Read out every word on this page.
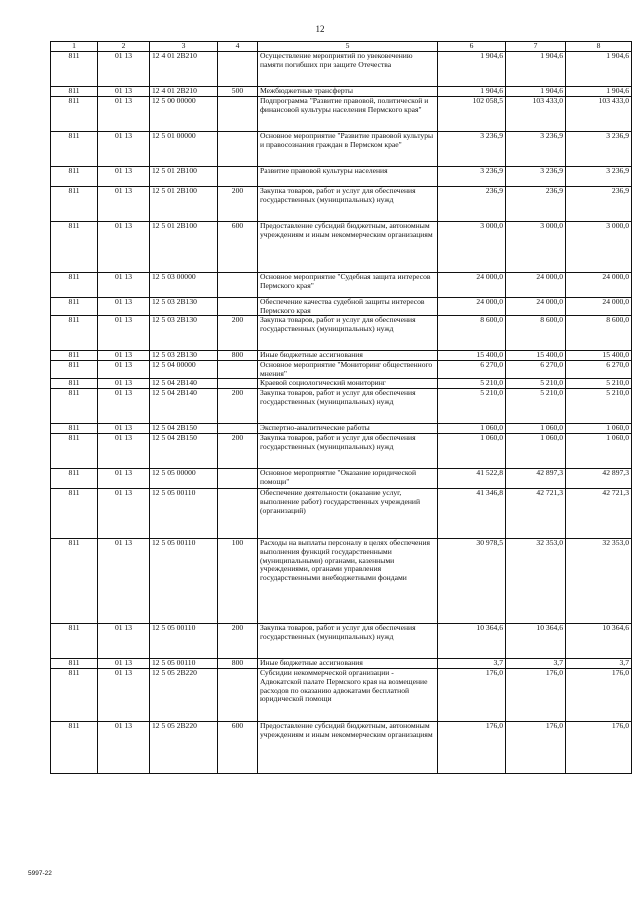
12
1	2	3	4	5	6	7	8
811	01 13	12 4 01 2В210		Осуществление мероприятий по увековечению памяти погибших при защите Отечества	1 904,6	1 904,6	1 904,6
811	01 13	12 4 01 2В210	500	Межбюджетные трансферты	1 904,6	1 904,6	1 904,6
811	01 13	12 5 00 00000		Подпрограмма "Развитие правовой, политической и финансовой культуры населения Пермского края"	102 058,5	103 433,0	103 433,0
811	01 13	12 5 01 00000		Основное мероприятие "Развитие правовой культуры и правосознания граждан в Пермском крае"	3 236,9	3 236,9	3 236,9
811	01 13	12 5 01 2В100		Развитие правовой культуры населения	3 236,9	3 236,9	3 236,9
811	01 13	12 5 01 2В100	200	Закупка товаров, работ и услуг для обеспечения государственных (муниципальных) нужд	236,9	236,9	236,9
811	01 13	12 5 01 2В100	600	Предоставление субсидий бюджетным, автономным учреждениям и иным некоммерческим организациям	3 000,0	3 000,0	3 000,0
811	01 13	12 5 03 00000		Основное мероприятие "Судебная защита интересов Пермского края"	24 000,0	24 000,0	24 000,0
811	01 13	12 5 03 2В130		Обеспечение качества судебной защиты интересов Пермского края	24 000,0	24 000,0	24 000,0
811	01 13	12 5 03 2В130	200	Закупка товаров, работ и услуг для обеспечения государственных (муниципальных) нужд	8 600,0	8 600,0	8 600,0
811	01 13	12 5 03 2В130	800	Иные бюджетные ассигнования	15 400,0	15 400,0	15 400,0
811	01 13	12 5 04 00000		Основное мероприятие "Мониторинг общественного мнения"	6 270,0	6 270,0	6 270,0
811	01 13	12 5 04 2В140		Краевой социологический мониторинг	5 210,0	5 210,0	5 210,0
811	01 13	12 5 04 2В140	200	Закупка товаров, работ и услуг для обеспечения государственных (муниципальных) нужд	5 210,0	5 210,0	5 210,0
811	01 13	12 5 04 2В150		Экспертно-аналитические работы	1 060,0	1 060,0	1 060,0
811	01 13	12 5 04 2В150	200	Закупка товаров, работ и услуг для обеспечения государственных (муниципальных) нужд	1 060,0	1 060,0	1 060,0
811	01 13	12 5 05 00000		Основное мероприятие "Оказание юридической помощи"	41 522,8	42 897,3	42 897,3
811	01 13	12 5 05 00110		Обеспечение деятельности (оказание услуг, выполнение работ) государственных учреждений (организаций)	41 346,8	42 721,3	42 721,3
811	01 13	12 5 05 00110	100	Расходы на выплаты персоналу в целях обеспечения выполнения функций государственными (муниципальными) органами, казенными учреждениями, органами управления государственными внебюджетными фондами	30 978,5	32 353,0	32 353,0
811	01 13	12 5 05 00110	200	Закупка товаров, работ и услуг для обеспечения государственных (муниципальных) нужд	10 364,6	10 364,6	10 364,6
811	01 13	12 5 05 00110	800	Иные бюджетные ассигнования	3,7	3,7	3,7
811	01 13	12 5 05 2В220		Субсидии некоммерческой организации - Адвокатской палате Пермского края на возмещение расходов по оказанию адвокатами бесплатной юридической помощи	176,0	176,0	176,0
811	01 13	12 5 05 2В220	600	Предоставление субсидий бюджетным, автономным учреждениям и иным некоммерческим организациям	176,0	176,0	176,0
5997-22
